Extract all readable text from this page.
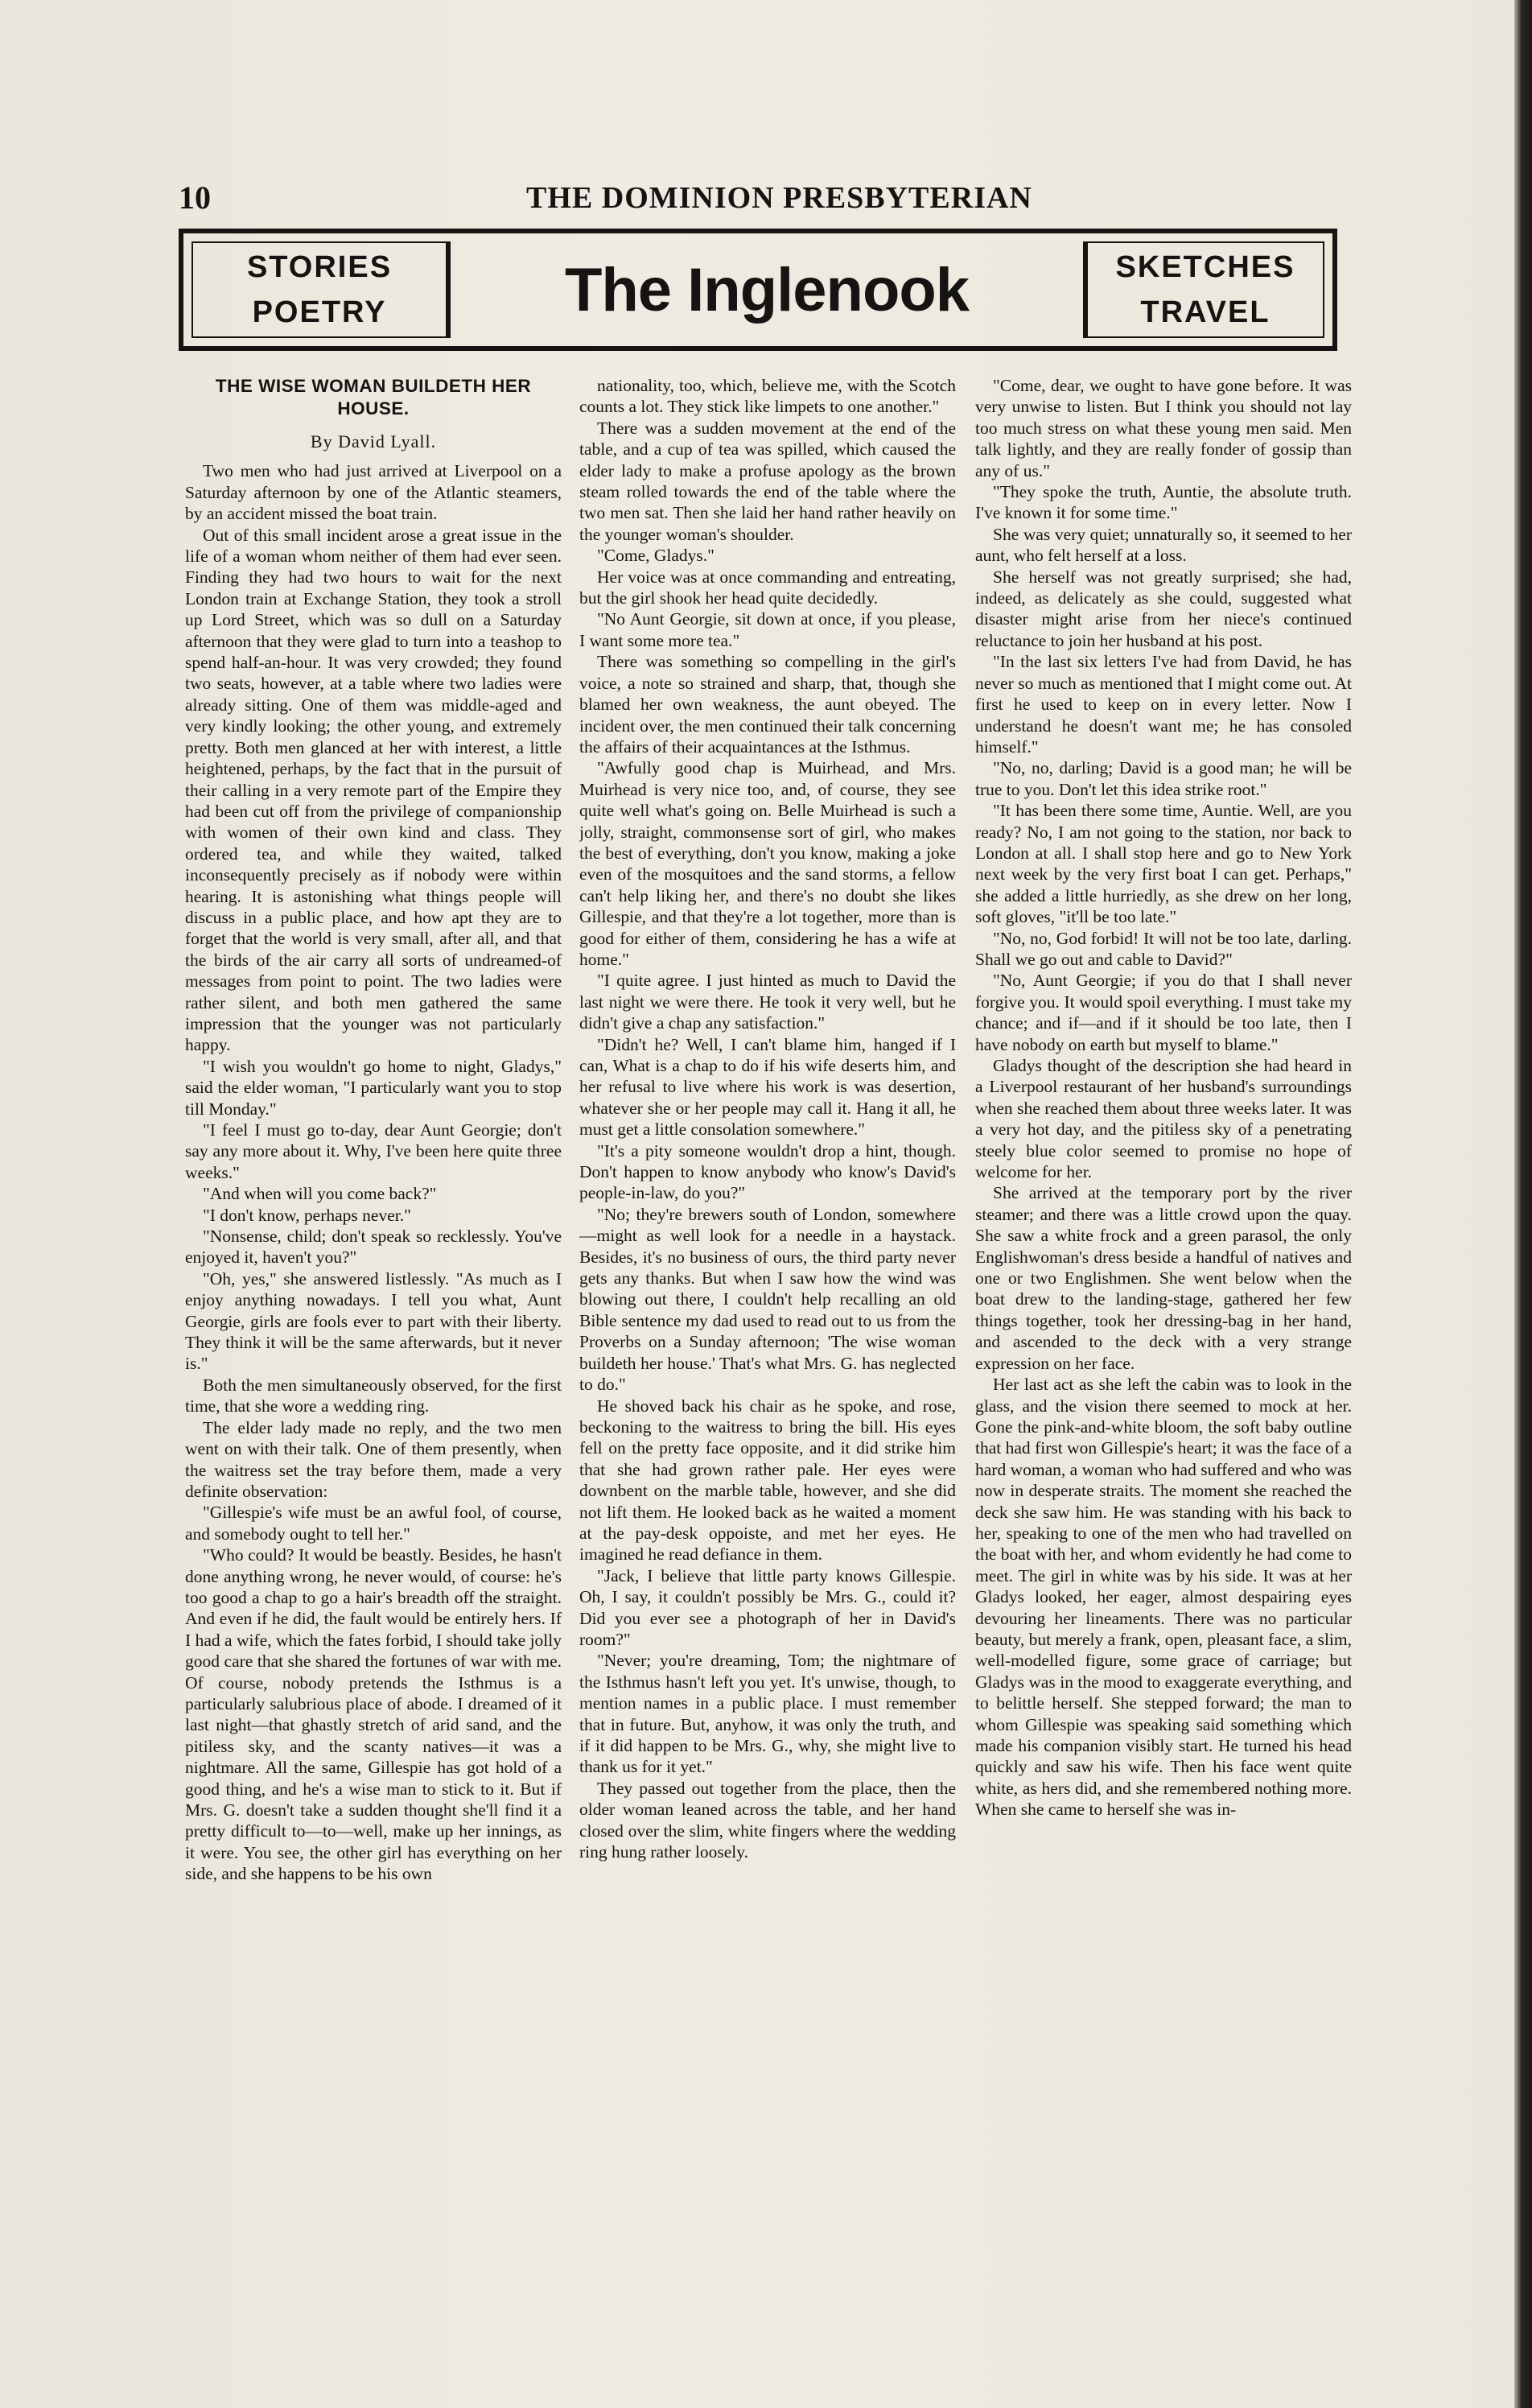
10	THE DOMINION PRESBYTERIAN
STORIES
POETRY	The Inglenook	SKETCHES
TRAVEL
THE WISE WOMAN BUILDETH HER HOUSE.
By David Lyall.

Two men who had just arrived at Liverpool on a Saturday afternoon by one of the Atlantic steamers, by an accident missed the boat train.

Out of this small incident arose a great issue in the life of a woman whom neither of them had ever seen. Finding they had two hours to wait for the next London train at Exchange Station, they took a stroll up Lord Street, which was so dull on a Saturday afternoon that they were glad to turn into a teashop to spend half-an-hour. It was very crowded; they found two seats, however, at a table where two ladies were already sitting. One of them was middle-aged and very kindly looking; the other young, and extremely pretty. Both men glanced at her with interest, a little heightened, perhaps, by the fact that in the pursuit of their calling in a very remote part of the Empire they had been cut off from the privilege of companionship with women of their own kind and class. They ordered tea, and while they waited, talked inconsequently precisely as if nobody were within hearing. It is astonishing what things people will discuss in a public place, and how apt they are to forget that the world is very small, after all, and that the birds of the air carry all sorts of undreamed-of messages from point to point. The two ladies were rather silent, and both men gathered the same impression that the younger was not particularly happy.

"I wish you wouldn't go home to night, Gladys," said the elder woman, "I particularly want you to stop till Monday."

"I feel I must go to-day, dear Aunt Georgie; don't say any more about it. Why, I've been here quite three weeks."

"And when will you come back?"

"I don't know, perhaps never."

"Nonsense, child; don't speak so recklessly. You've enjoyed it, haven't you?"

"Oh, yes," she answered listlessly. "As much as I enjoy anything nowadays. I tell you what, Aunt Georgie, girls are fools ever to part with their liberty. They think it will be the same afterwards, but it never is."

Both the men simultaneously observed, for the first time, that she wore a wedding ring.

The elder lady made no reply, and the two men went on with their talk. One of them presently, when the waitress set the tray before them, made a very definite observation:

"Gillespie's wife must be an awful fool, of course, and somebody ought to tell her."

"Who could? It would be beastly. Besides, he hasn't done anything wrong, he never would, of course: he's too good a chap to go a hair's breadth off the straight. And even if he did, the fault would be entirely hers. If I had a wife, which the fates forbid, I should take jolly good care that she shared the fortunes of war with me. Of course, nobody pretends the Isthmus is a particularly salubrious place of abode. I dreamed of it last night—that ghastly stretch of arid sand, and the pitiless sky, and the scanty natives—it was a nightmare. All the same, Gillespie has got hold of a good thing, and he's a wise man to stick to it. But if Mrs. G. doesn't take a sudden thought she'll find it a pretty difficult to—to—well, make up her innings, as it were. You see, the other girl has everything on her side, and she happens to be his own

nationality, too, which, believe me, with the Scotch counts a lot. They stick like limpets to one another."

There was a sudden movement at the end of the table, and a cup of tea was spilled, which caused the elder lady to make a profuse apology as the brown steam rolled towards the end of the table where the two men sat. Then she laid her hand rather heavily on the younger woman's shoulder.

"Come, Gladys."

Her voice was at once commanding and entreating, but the girl shook her head quite decidedly.

"No Aunt Georgie, sit down at once, if you please, I want some more tea."

There was something so compelling in the girl's voice, a note so strained and sharp, that, though she blamed her own weakness, the aunt obeyed. The incident over, the men continued their talk concerning the affairs of their acquaintances at the Isthmus.

"Awfully good chap is Muirhead, and Mrs. Muirhead is very nice too, and, of course, they see quite well what's going on. Belle Muirhead is such a jolly, straight, commonsense sort of girl, who makes the best of everything, don't you know, making a joke even of the mosquitoes and the sand storms, a fellow can't help liking her, and there's no doubt she likes Gillespie, and that they're a lot together, more than is good for either of them, considering he has a wife at home."

"I quite agree. I just hinted as much to David the last night we were there. He took it very well, but he didn't give a chap any satisfaction."

"Didn't he? Well, I can't blame him, hanged if I can, What is a chap to do if his wife deserts him, and her refusal to live where his work is was desertion, whatever she or her people may call it. Hang it all, he must get a little consolation somewhere."

"It's a pity someone wouldn't drop a hint, though. Don't happen to know anybody who know's David's people-in-law, do you?"

"No; they're brewers south of London, somewhere—might as well look for a needle in a haystack. Besides, it's no business of ours, the third party never gets any thanks. But when I saw how the wind was blowing out there, I couldn't help recalling an old Bible sentence my dad used to read out to us from the Proverbs on a Sunday afternoon; 'The wise woman buildeth her house.' That's what Mrs. G. has neglected to do."

He shoved back his chair as he spoke, and rose, beckoning to the waitress to bring the bill. His eyes fell on the pretty face opposite, and it did strike him that she had grown rather pale. Her eyes were downbent on the marble table, however, and she did not lift them. He looked back as he waited a moment at the pay-desk oppoiste, and met her eyes. He imagined he read defiance in them.

"Jack, I believe that little party knows Gillespie. Oh, I say, it couldn't possibly be Mrs. G., could it? Did you ever see a photograph of her in David's room?"

"Never; you're dreaming, Tom; the nightmare of the Isthmus hasn't left you yet. It's unwise, though, to mention names in a public place. I must remember that in future. But, anyhow, it was only the truth, and if it did happen to be Mrs. G., why, she might live to thank us for it yet."

They passed out together from the place, then the older woman leaned across the table, and her hand closed over the slim, white fingers where the wedding ring hung rather loosely.

"Come, dear, we ought to have gone before. It was very unwise to listen. But I think you should not lay too much stress on what these young men said. Men talk lightly, and they are really fonder of gossip than any of us."

"They spoke the truth, Auntie, the absolute truth. I've known it for some time."

She was very quiet; unnaturally so, it seemed to her aunt, who felt herself at a loss.

She herself was not greatly surprised; she had, indeed, as delicately as she could, suggested what disaster might arise from her niece's continued reluctance to join her husband at his post.

"In the last six letters I've had from David, he has never so much as mentioned that I might come out. At first he used to keep on in every letter. Now I understand he doesn't want me; he has consoled himself."

"No, no, darling; David is a good man; he will be true to you. Don't let this idea strike root."

"It has been there some time, Auntie. Well, are you ready? No, I am not going to the station, nor back to London at all. I shall stop here and go to New York next week by the very first boat I can get. Perhaps," she added a little hurriedly, as she drew on her long, soft gloves, "it'll be too late."

"No, no, God forbid! It will not be too late, darling. Shall we go out and cable to David?"

"No, Aunt Georgie; if you do that I shall never forgive you. It would spoil everything. I must take my chance; and if—and if it should be too late, then I have nobody on earth but myself to blame."

Gladys thought of the description she had heard in a Liverpool restaurant of her husband's surroundings when she reached them about three weeks later. It was a very hot day, and the pitiless sky of a penetrating steely blue color seemed to promise no hope of welcome for her.

She arrived at the temporary port by the river steamer; and there was a little crowd upon the quay. She saw a white frock and a green parasol, the only Englishwoman's dress beside a handful of natives and one or two Englishmen. She went below when the boat drew to the landing-stage, gathered her few things together, took her dressing-bag in her hand, and ascended to the deck with a very strange expression on her face.

Her last act as she left the cabin was to look in the glass, and the vision there seemed to mock at her. Gone the pink-and-white bloom, the soft baby outline that had first won Gillespie's heart; it was the face of a hard woman, a woman who had suffered and who was now in desperate straits. The moment she reached the deck she saw him. He was standing with his back to her, speaking to one of the men who had travelled on the boat with her, and whom evidently he had come to meet. The girl in white was by his side. It was at her Gladys looked, her eager, almost despairing eyes devouring her lineaments. There was no particular beauty, but merely a frank, open, pleasant face, a slim, well-modelled figure, some grace of carriage; but Gladys was in the mood to exaggerate everything, and to belittle herself. She stepped forward; the man to whom Gillespie was speaking said something which made his companion visibly start. He turned his head quickly and saw his wife. Then his face went quite white, as hers did, and she remembered nothing more. When she came to herself she was in-
